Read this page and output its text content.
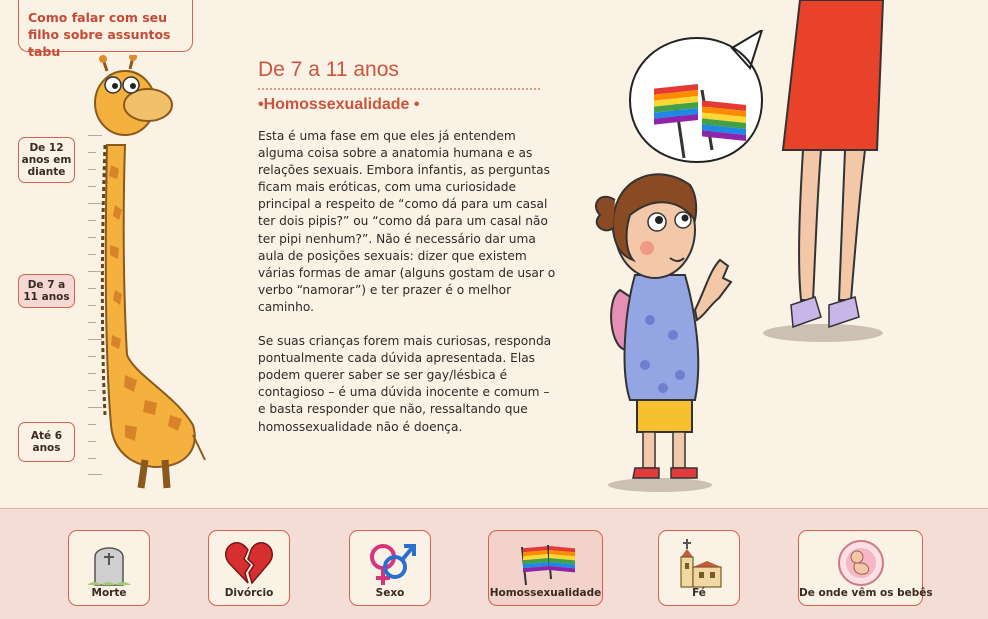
Como falar com seu filho sobre assuntos tabu
De 12 anos em diante
De 7 a 11 anos
Até 6 anos
De 7 a 11 anos
•Homossexualidade •

Esta é uma fase em que eles já entendem alguma coisa sobre a anatomia humana e as relações sexuais. Embora infantis, as perguntas ficam mais eróticas, com uma curiosidade principal a respeito de “como dá para um casal ter dois pipis?” ou “como dá para um casal não ter pipi nenhum?”. Não é necessário dar uma aula de posições sexuais: dizer que existem várias formas de amar (alguns gostam de usar o verbo “namorar”) e ter prazer é o melhor caminho.

Se suas crianças forem mais curiosas, responda pontualmente cada dúvida apresentada. Elas podem querer saber se ser gay/lésbica é contagioso – é uma dúvida inocente e comum – e basta responder que não, ressaltando que homossexualidade não é doença.

Morte	Divórcio	Sexo	Homossexualidade	Fé	De onde vêm os bebês
